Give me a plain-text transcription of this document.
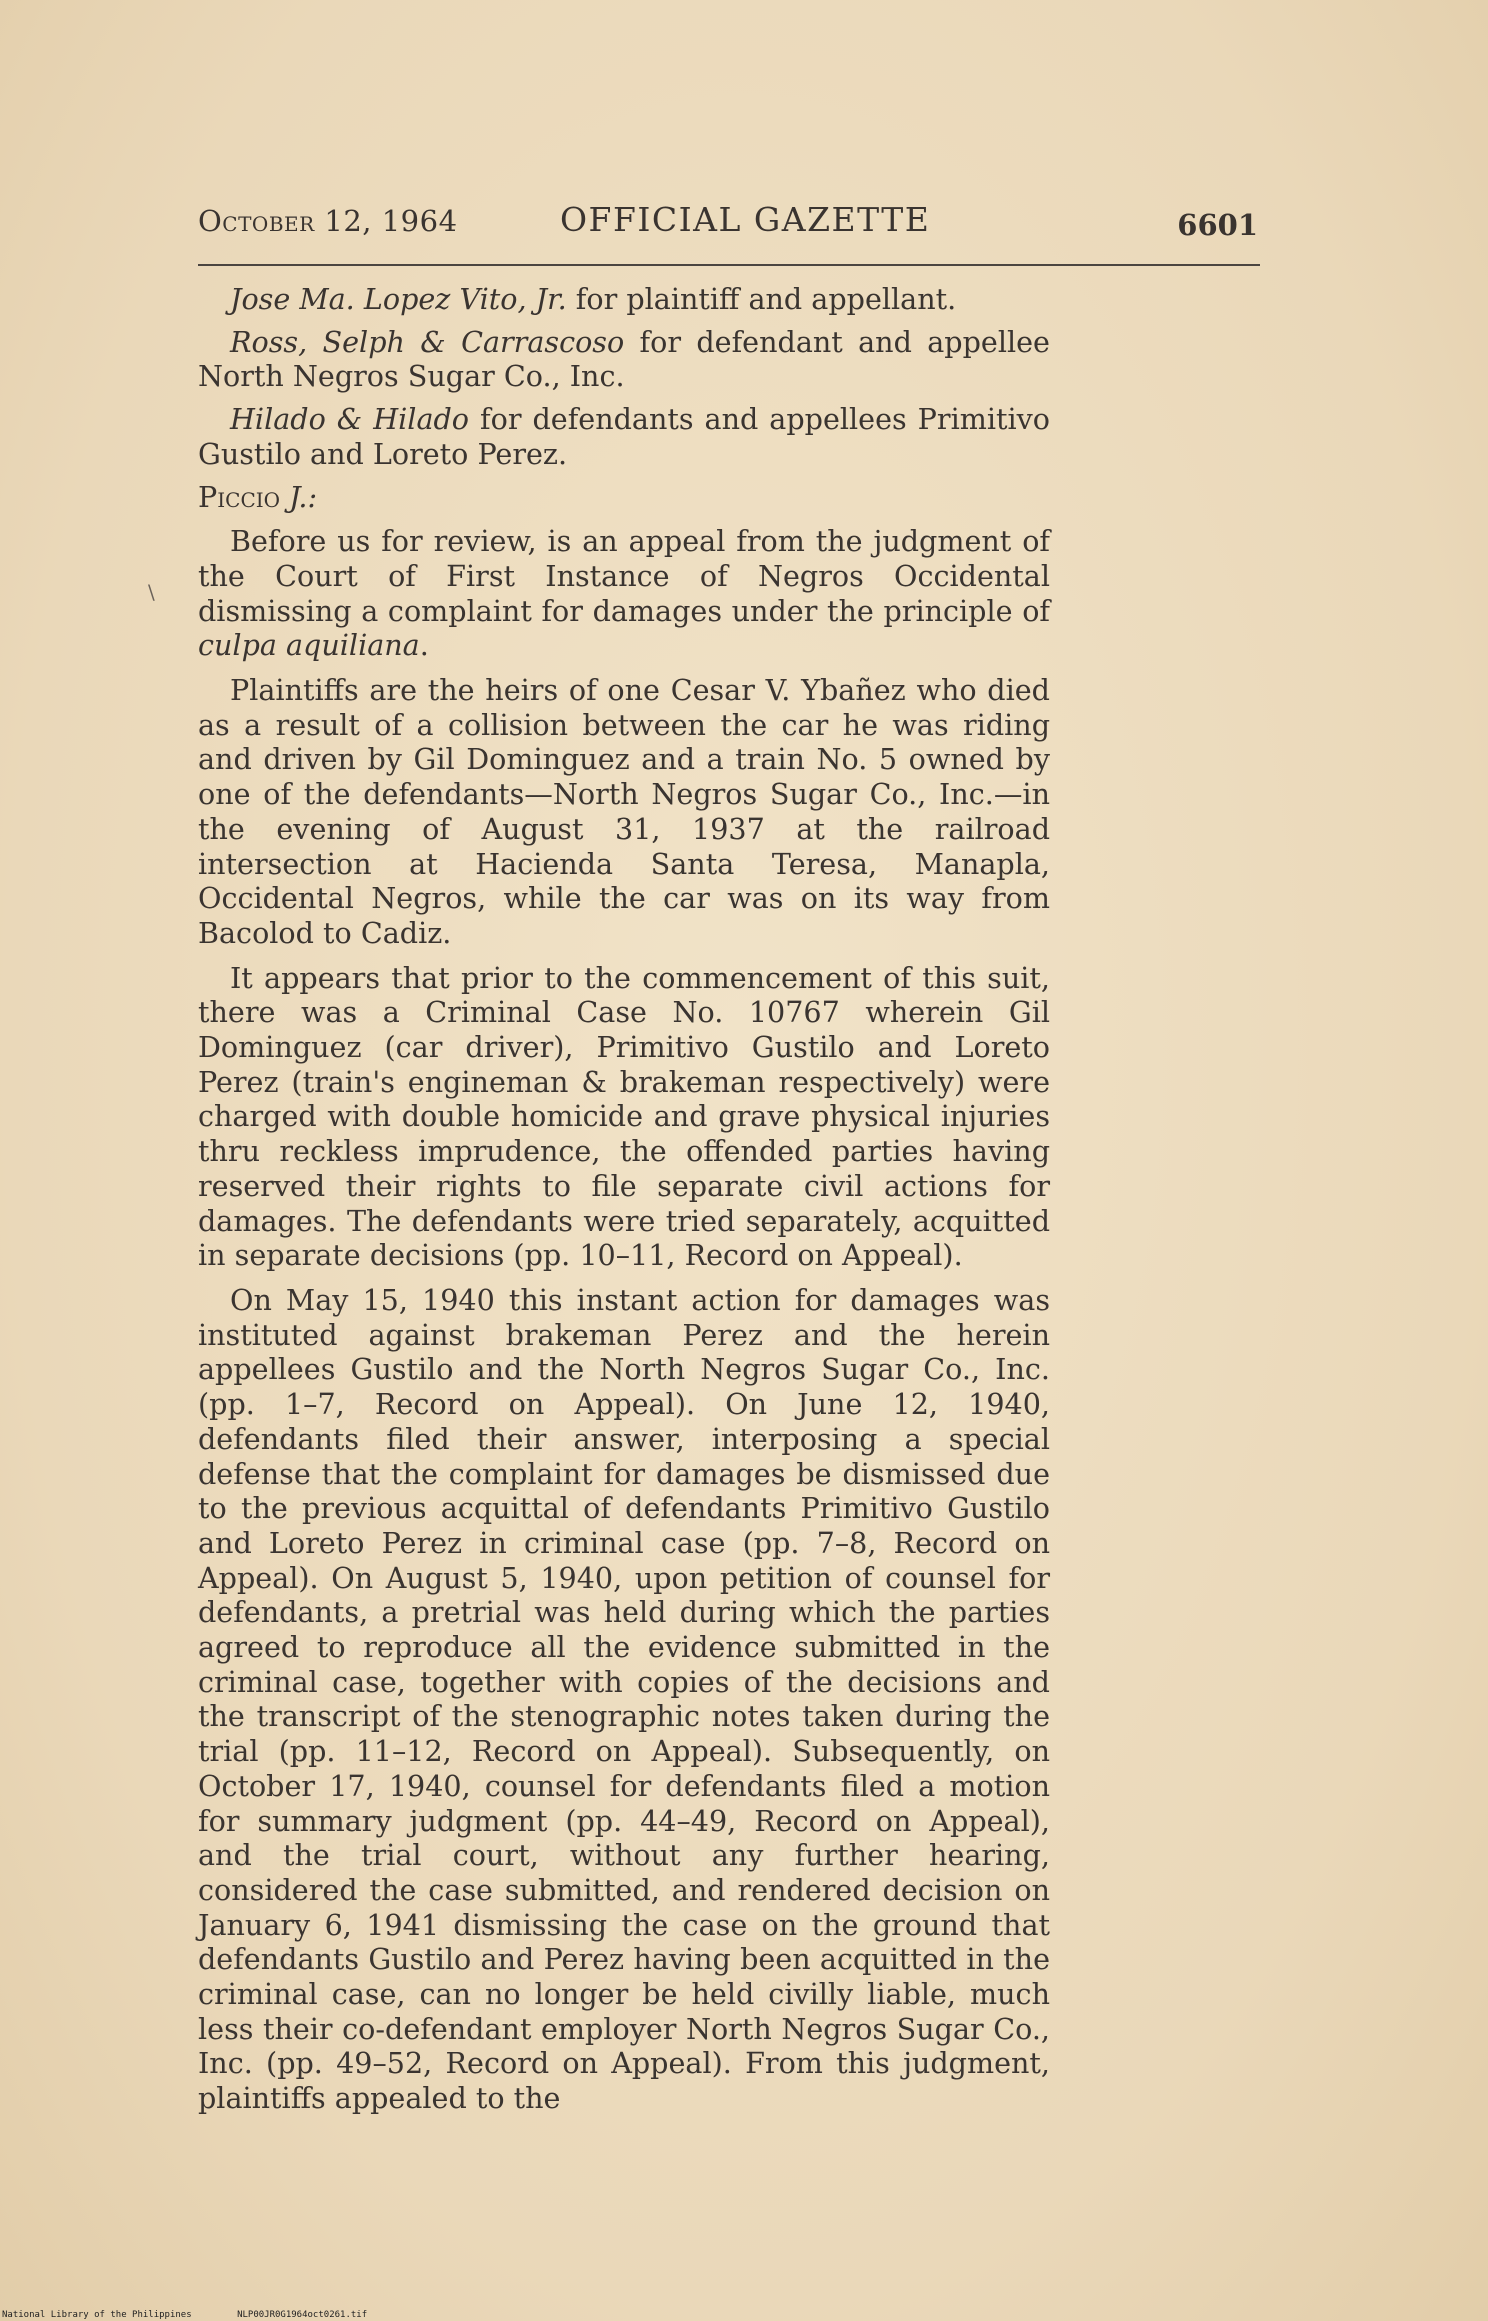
October 12, 1964	OFFICIAL GAZETTE	6601

Jose Ma. Lopez Vito, Jr. for plaintiff and appellant.

Ross, Selph & Carrascoso for defendant and appellee North Negros Sugar Co., Inc.

Hilado & Hilado for defendants and appellees Primitivo Gustilo and Loreto Perez.

Piccio J.:

Before us for review, is an appeal from the judgment of the Court of First Instance of Negros Occidental dismissing a complaint for damages under the principle of culpa aquiliana.

Plaintiffs are the heirs of one Cesar V. Ybañez who died as a result of a collision between the car he was riding and driven by Gil Dominguez and a train No. 5 owned by one of the defendants—North Negros Sugar Co., Inc.—in the evening of August 31, 1937 at the railroad intersection at Hacienda Santa Teresa, Manapla, Occidental Negros, while the car was on its way from Bacolod to Cadiz.

It appears that prior to the commencement of this suit, there was a Criminal Case No. 10767 wherein Gil Dominguez (car driver), Primitivo Gustilo and Loreto Perez (train's engineman & brakeman respectively) were charged with double homicide and grave physical injuries thru reckless imprudence, the offended parties having reserved their rights to file separate civil actions for damages. The defendants were tried separately, acquitted in separate decisions (pp. 10–11, Record on Appeal).

On May 15, 1940 this instant action for damages was instituted against brakeman Perez and the herein appellees Gustilo and the North Negros Sugar Co., Inc. (pp. 1–7, Record on Appeal). On June 12, 1940, defendants filed their answer, interposing a special defense that the complaint for damages be dismissed due to the previous acquittal of defendants Primitivo Gustilo and Loreto Perez in criminal case (pp. 7–8, Record on Appeal). On August 5, 1940, upon petition of counsel for defendants, a pretrial was held during which the parties agreed to reproduce all the evidence submitted in the criminal case, together with copies of the decisions and the transcript of the stenographic notes taken during the trial (pp. 11–12, Record on Appeal). Subsequently, on October 17, 1940, counsel for defendants filed a motion for summary judgment (pp. 44–49, Record on Appeal), and the trial court, without any further hearing, considered the case submitted, and rendered decision on January 6, 1941 dismissing the case on the ground that defendants Gustilo and Perez having been acquitted in the criminal case, can no longer be held civilly liable, much less their co-defendant employer North Negros Sugar Co., Inc. (pp. 49–52, Record on Appeal). From this judgment, plaintiffs appealed to the

\
National Library of the Philippines	NLP00JR0G1964oct0261.tif
